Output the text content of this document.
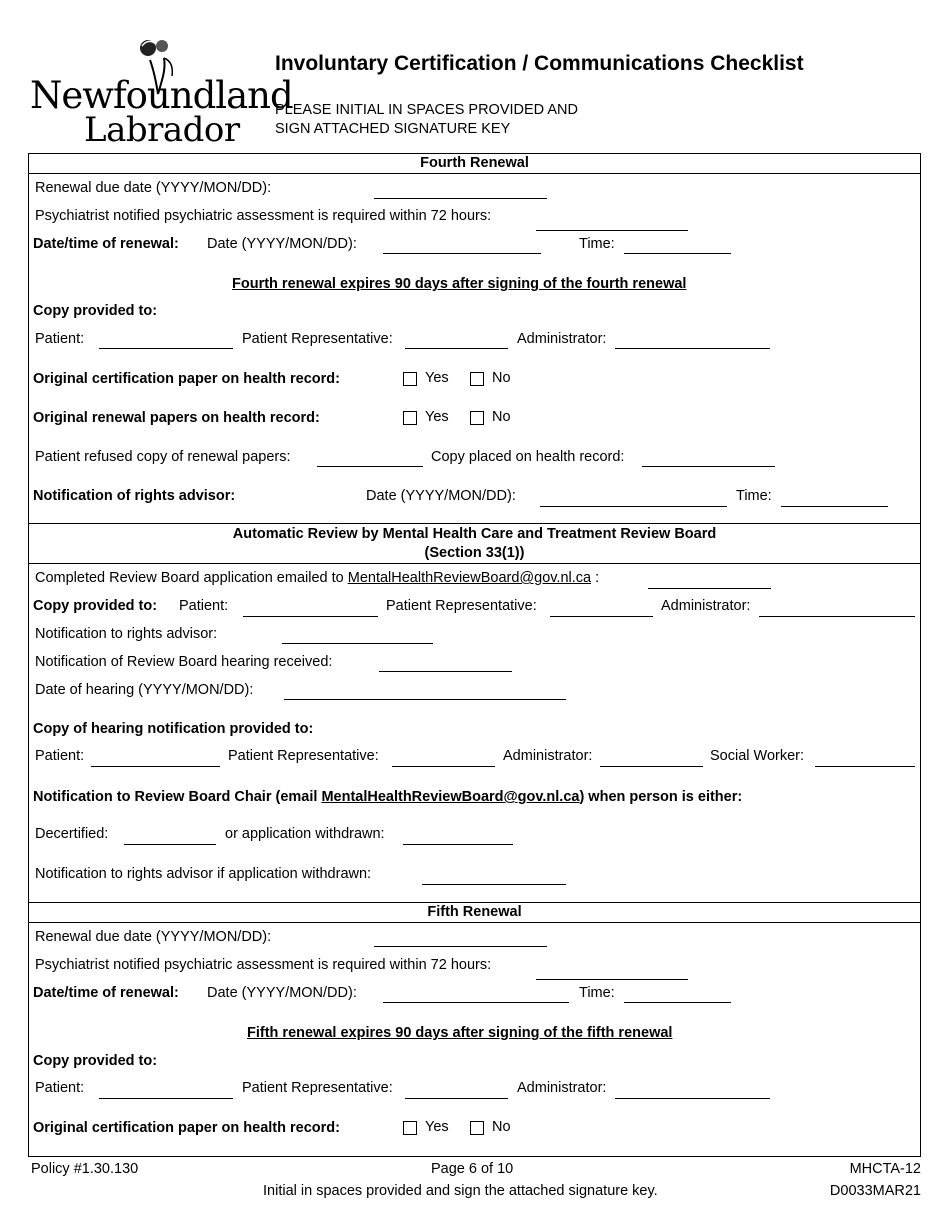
Newfoundland
Labrador
Involuntary Certification / Communications Checklist
PLEASE INITIAL IN SPACES PROVIDED AND
SIGN ATTACHED SIGNATURE KEY
Fourth Renewal
Renewal due date (YYYY/MON/DD):
Psychiatrist notified psychiatric assessment is required within 72 hours:
Date/time of renewal: Date (YYYY/MON/DD):	Time:
Fourth renewal expires 90 days after signing of the fourth renewal
Copy provided to:
Patient:	Patient Representative:	Administrator:
Original certification paper on health record:	Yes	No
Original renewal papers on health record:	Yes	No
Patient refused copy of renewal papers:	Copy placed on health record:
Notification of rights advisor:	Date (YYYY/MON/DD):	Time:
Automatic Review by Mental Health Care and Treatment Review Board
(Section 33(1))
Completed Review Board application emailed to MentalHealthReviewBoard@gov.nl.ca :
Copy provided to: Patient:	Patient Representative:	Administrator:
Notification to rights advisor:
Notification of Review Board hearing received:
Date of hearing (YYYY/MON/DD):
Copy of hearing notification provided to:
Patient:	Patient Representative:	Administrator:	Social Worker:
Notification to Review Board Chair (email MentalHealthReviewBoard@gov.nl.ca) when person is either:
Decertified:	or application withdrawn:
Notification to rights advisor if application withdrawn:
Fifth Renewal
Renewal due date (YYYY/MON/DD):
Psychiatrist notified psychiatric assessment is required within 72 hours:
Date/time of renewal: Date (YYYY/MON/DD):	Time:
Fifth renewal expires 90 days after signing of the fifth renewal
Copy provided to:
Patient:	Patient Representative:	Administrator:
Original certification paper on health record:	Yes	No
Policy #1.30.130	Page 6 of 10	MHCTA-12
Initial in spaces provided and sign the attached signature key.	D0033MAR21
